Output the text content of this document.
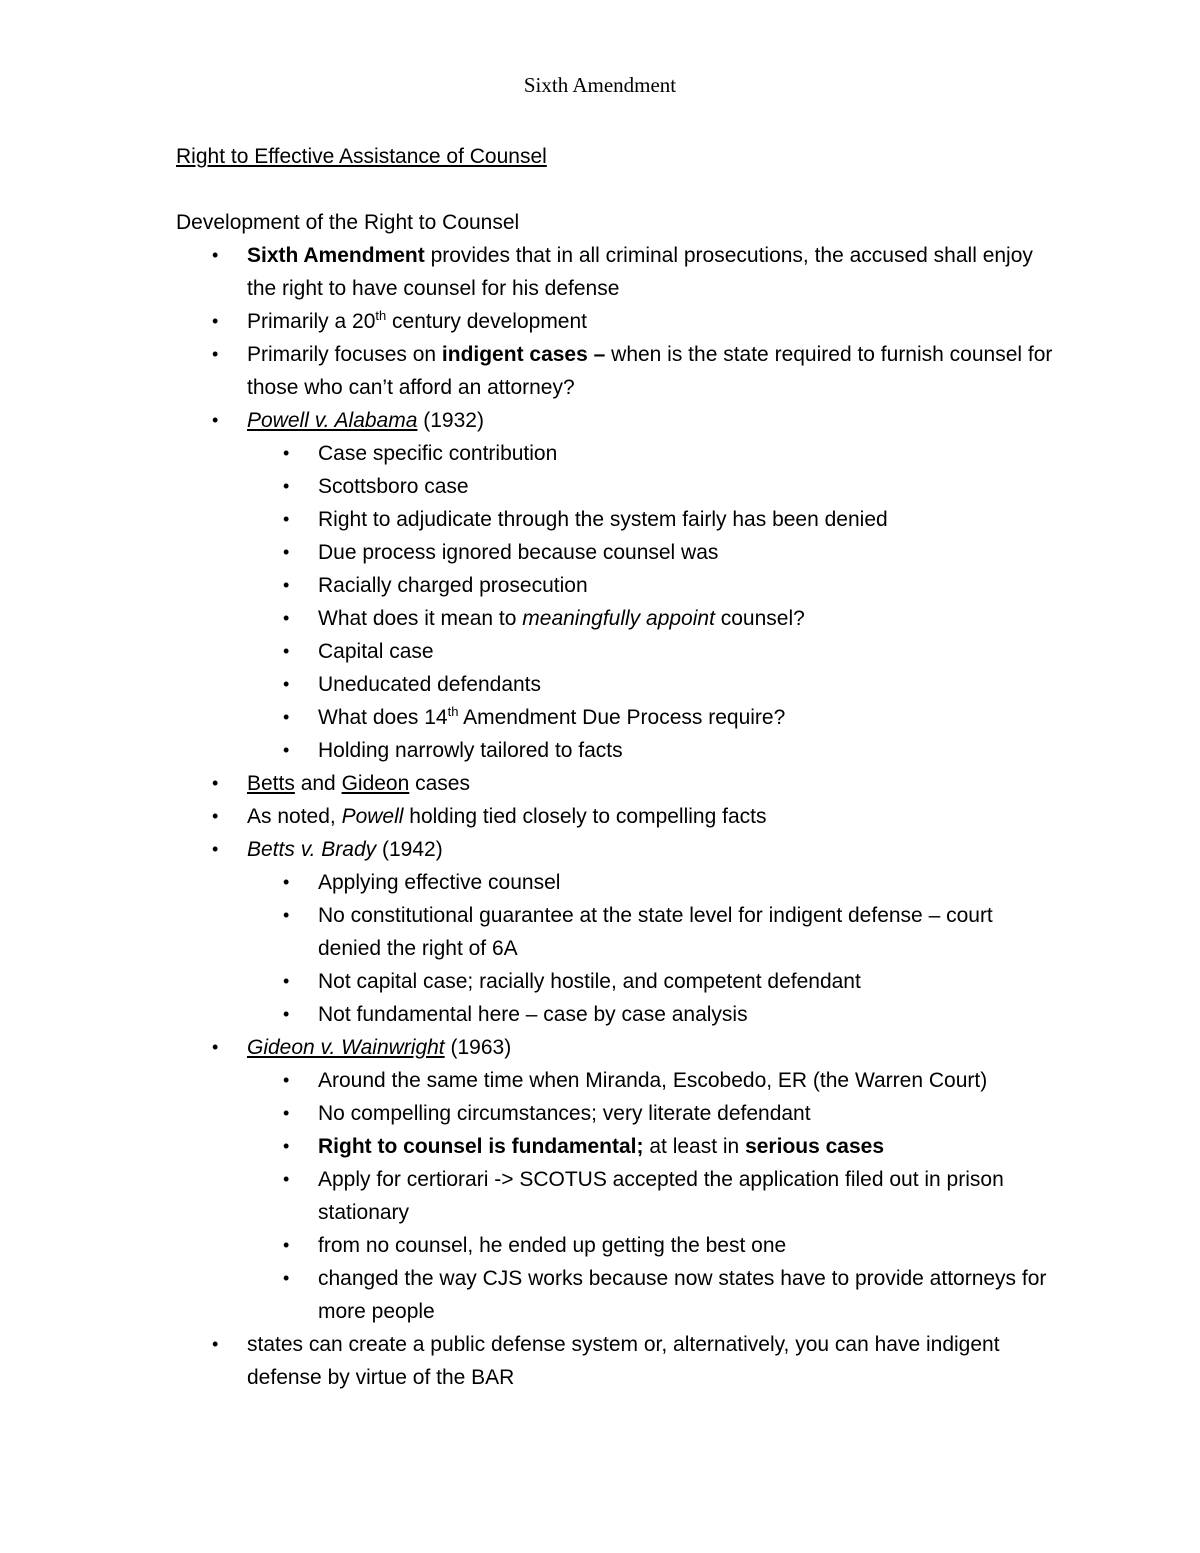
Sixth Amendment
Right to Effective Assistance of Counsel
Development of the Right to Counsel
• Sixth Amendment provides that in all criminal prosecutions, the accused shall enjoy the right to have counsel for his defense
• Primarily a 20th century development
• Primarily focuses on indigent cases – when is the state required to furnish counsel for those who can’t afford an attorney?
• Powell v. Alabama (1932)
• Case specific contribution
• Scottsboro case
• Right to adjudicate through the system fairly has been denied
• Due process ignored because counsel was
• Racially charged prosecution
• What does it mean to meaningfully appoint counsel?
• Capital case
• Uneducated defendants
• What does 14th Amendment Due Process require?
• Holding narrowly tailored to facts
• Betts and Gideon cases
• As noted, Powell holding tied closely to compelling facts
• Betts v. Brady (1942)
• Applying effective counsel
• No constitutional guarantee at the state level for indigent defense – court denied the right of 6A
• Not capital case; racially hostile, and competent defendant
• Not fundamental here – case by case analysis
• Gideon v. Wainwright (1963)
• Around the same time when Miranda, Escobedo, ER (the Warren Court)
• No compelling circumstances; very literate defendant
• Right to counsel is fundamental; at least in serious cases
• Apply for certiorari -> SCOTUS accepted the application filed out in prison stationary
• from no counsel, he ended up getting the best one
• changed the way CJS works because now states have to provide attorneys for more people
• states can create a public defense system or, alternatively, you can have indigent defense by virtue of the BAR
